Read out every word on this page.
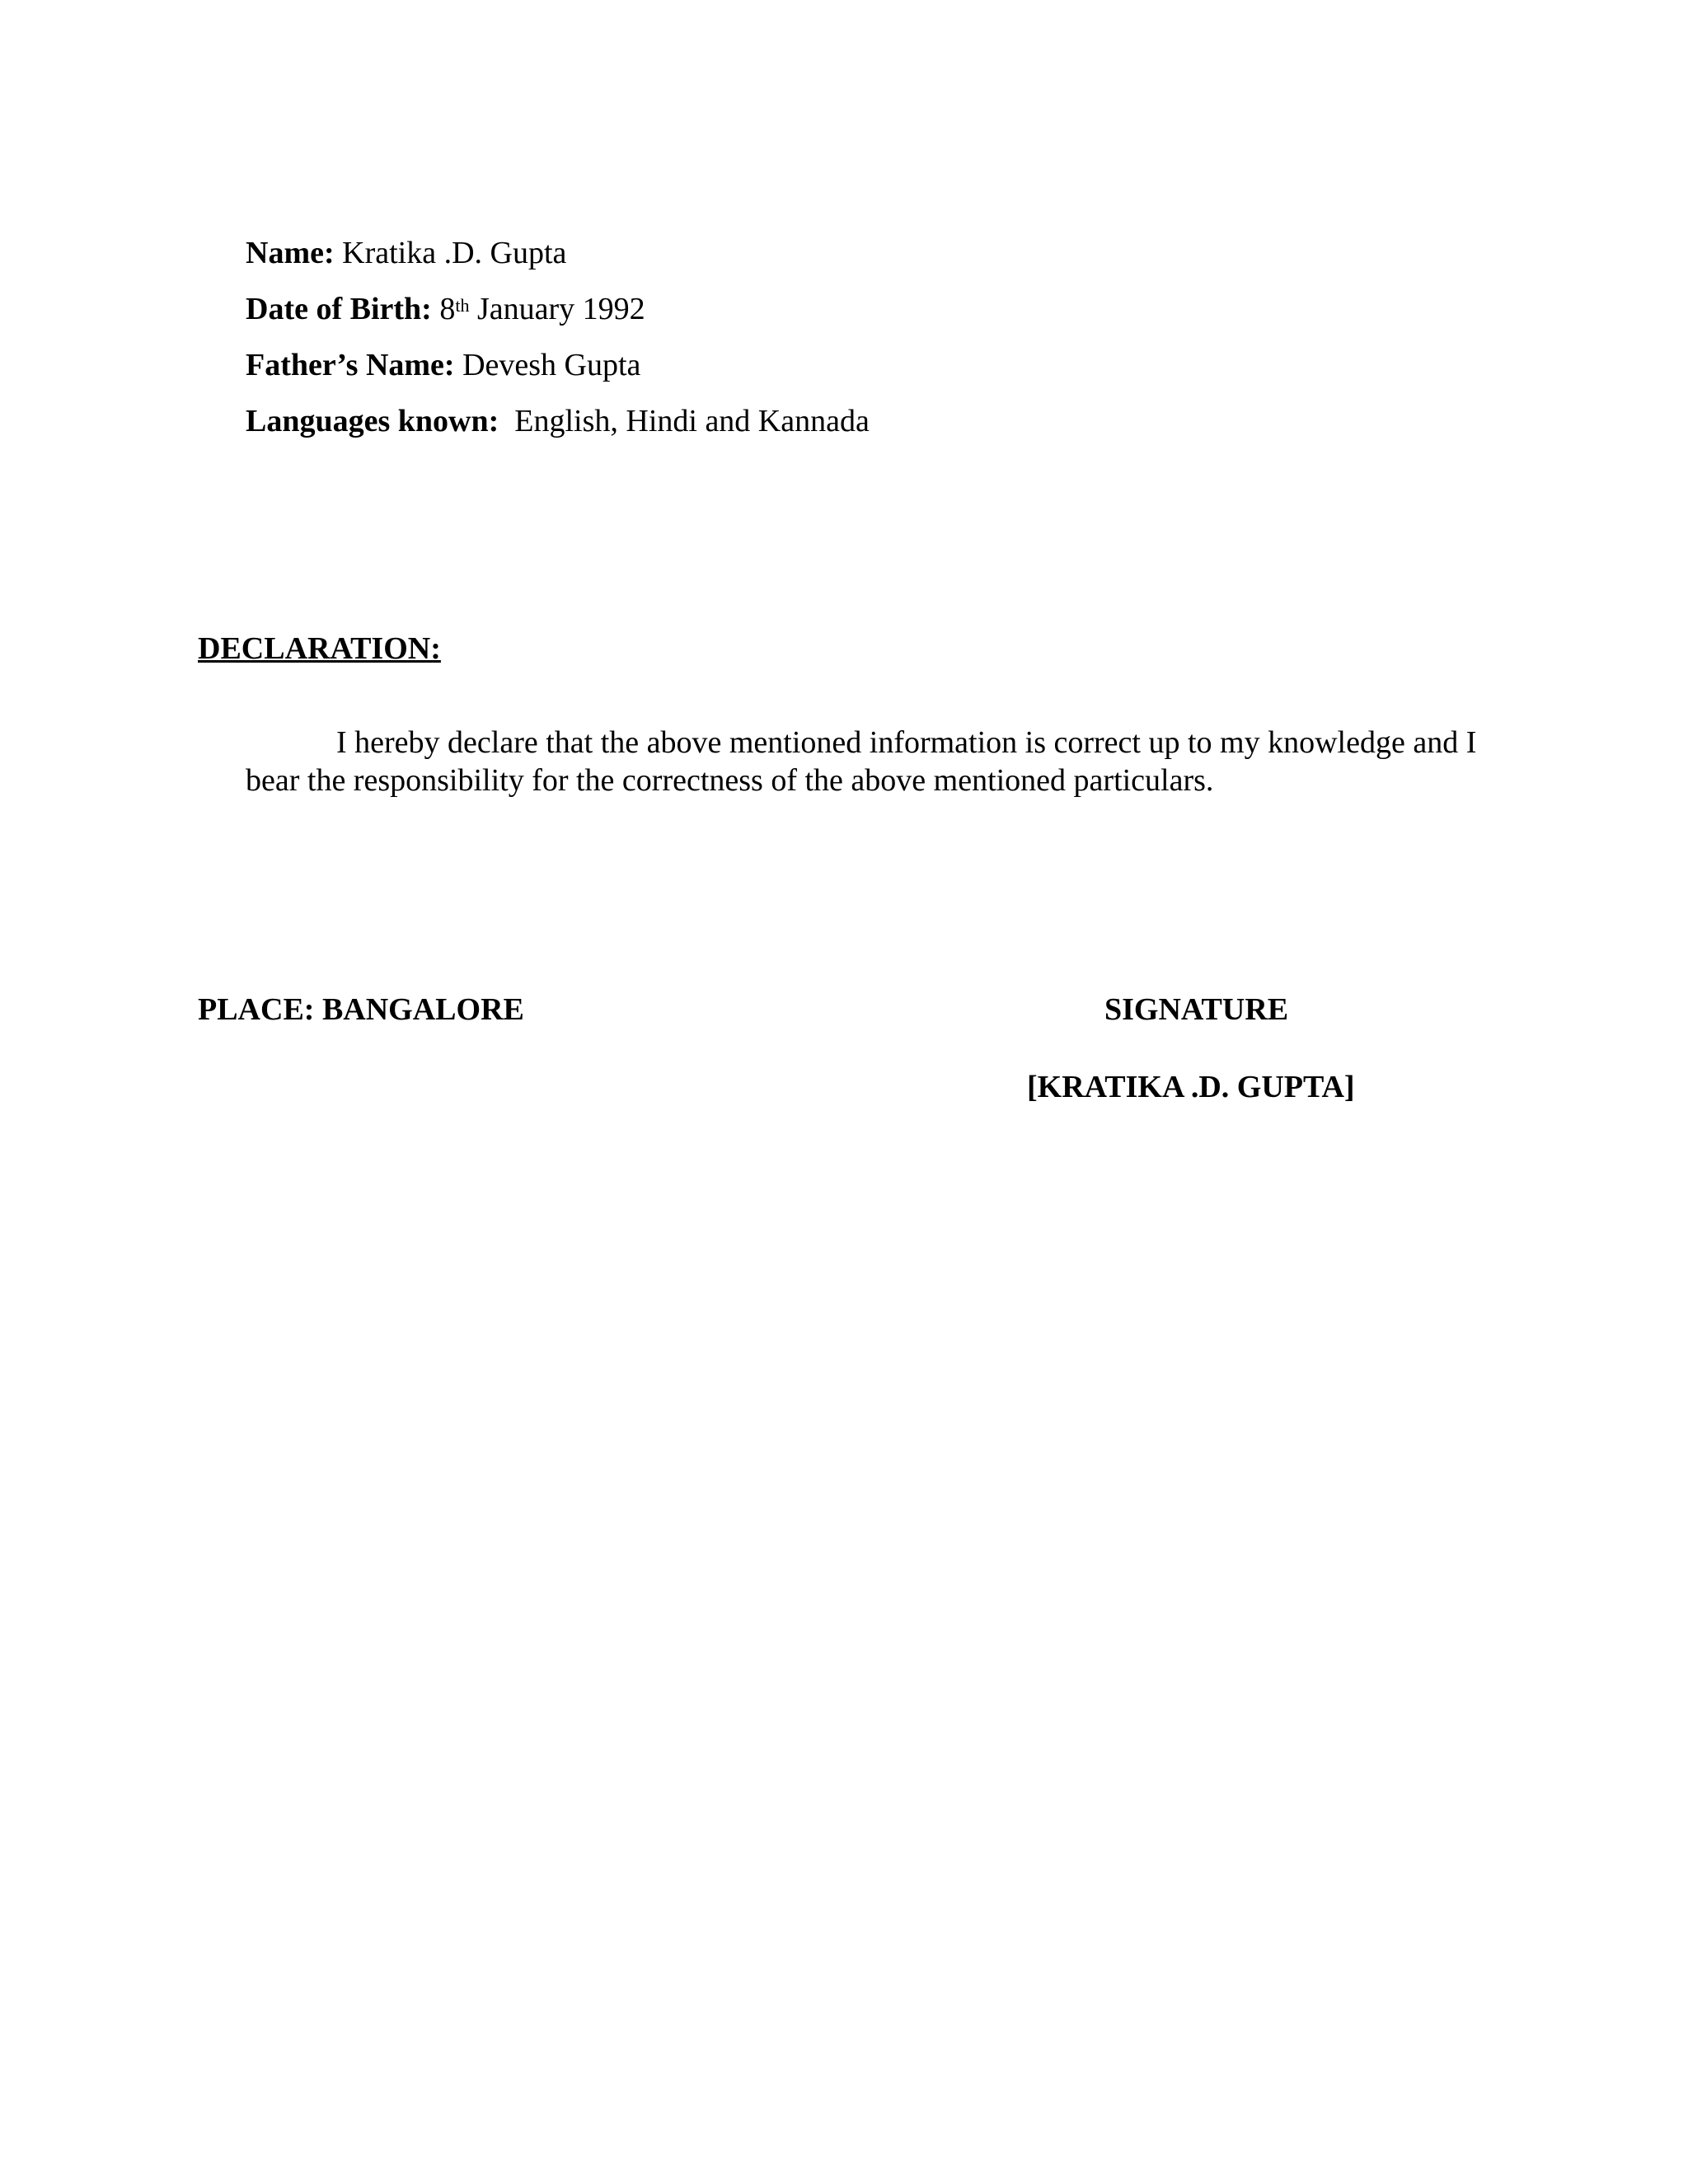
Name: Kratika .D. Gupta
Date of Birth: 8th January 1992
Father’s Name: Devesh Gupta
Languages known: English, Hindi and Kannada
DECLARATION:
I hereby declare that the above mentioned information is correct up to my knowledge and I bear the responsibility for the correctness of the above mentioned particulars.
PLACE: BANGALORE	SIGNATURE
[KRATIKA .D. GUPTA]
